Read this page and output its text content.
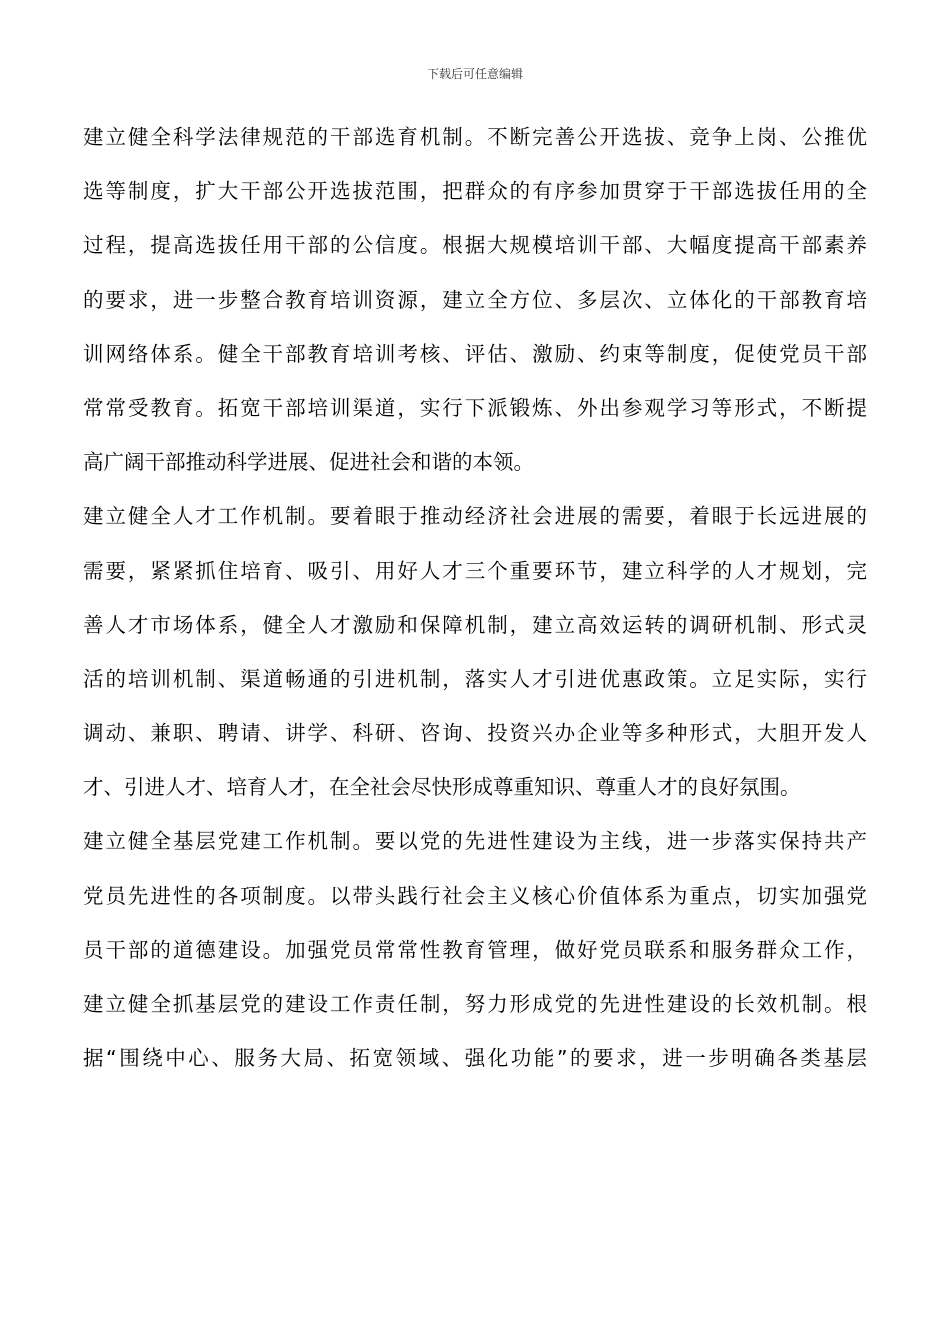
下载后可任意编辑
建立健全科学法律规范的干部选育机制。不断完善公开选拔、竞争上岗、公推优
选等制度，扩大干部公开选拔范围，把群众的有序参加贯穿于干部选拔任用的全
过程，提高选拔任用干部的公信度。根据大规模培训干部、大幅度提高干部素养
的要求，进一步整合教育培训资源，建立全方位、多层次、立体化的干部教育培
训网络体系。健全干部教育培训考核、评估、激励、约束等制度，促使党员干部
常常受教育。拓宽干部培训渠道，实行下派锻炼、外出参观学习等形式，不断提
高广阔干部推动科学进展、促进社会和谐的本领。
建立健全人才工作机制。要着眼于推动经济社会进展的需要，着眼于长远进展的
需要，紧紧抓住培育、吸引、用好人才三个重要环节，建立科学的人才规划，完
善人才市场体系，健全人才激励和保障机制，建立高效运转的调研机制、形式灵
活的培训机制、渠道畅通的引进机制，落实人才引进优惠政策。立足实际，实行
调动、兼职、聘请、讲学、科研、咨询、投资兴办企业等多种形式，大胆开发人
才、引进人才、培育人才，在全社会尽快形成尊重知识、尊重人才的良好氛围。
建立健全基层党建工作机制。要以党的先进性建设为主线，进一步落实保持共产
党员先进性的各项制度。以带头践行社会主义核心价值体系为重点，切实加强党
员干部的道德建设。加强党员常常性教育管理，做好党员联系和服务群众工作，
建立健全抓基层党的建设工作责任制，努力形成党的先进性建设的长效机制。根
据“围绕中心、服务大局、拓宽领域、强化功能”的要求，进一步明确各类基层
